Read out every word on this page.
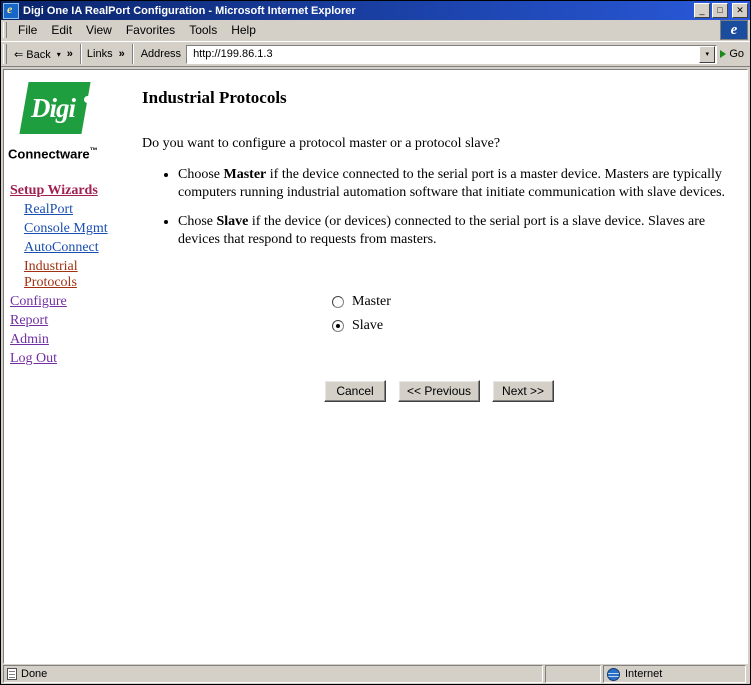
e
Digi One IA RealPort Configuration - Microsoft Internet Explorer	_	□	✕
File	Edit	View	Favorites	Tools	Help
e
⇐ Back ▾ »	Links »	Address	http://199.86.1.3	▾	Go
Digi
Connectware™
Setup Wizards
RealPort
Console Mgmt
AutoConnect
Industrial Protocols
Configure
Report
Admin
Log Out
Industrial Protocols

Do you want to configure a protocol master or a protocol slave?

• Choose Master if the device connected to the serial port is a master device. Masters are typically computers running industrial automation software that initiate communication with slave devices.
• Chose Slave if the device (or devices) connected to the serial port is a slave device. Slaves are devices that respond to requests from masters.
Master
Slave
Cancel	<< Previous	Next >>
Done	Internet
